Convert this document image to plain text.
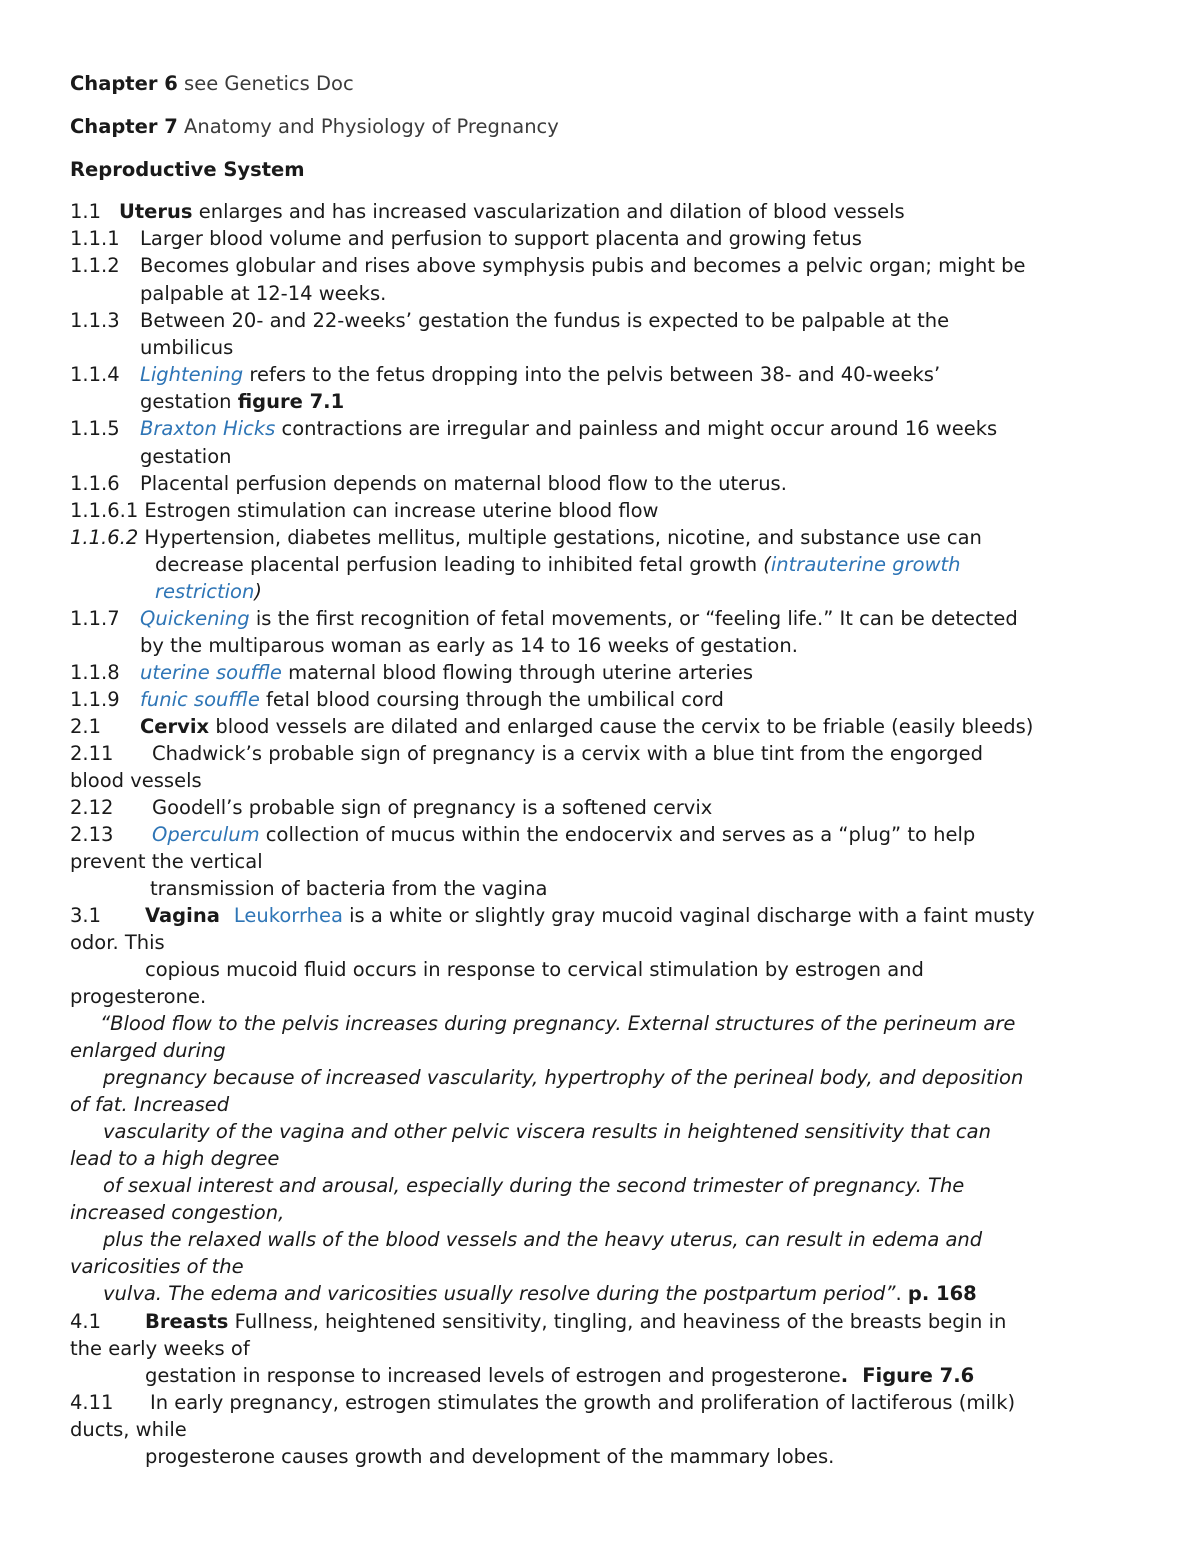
Chapter 6 see Genetics Doc
Chapter 7 Anatomy and Physiology of Pregnancy
Reproductive System
1.1 Uterus enlarges and has increased vascularization and dilation of blood vessels
1.1.1 Larger blood volume and perfusion to support placenta and growing fetus
1.1.2 Becomes globular and rises above symphysis pubis and becomes a pelvic organ; might be
palpable at 12-14 weeks.
1.1.3 Between 20- and 22-weeks’ gestation the fundus is expected to be palpable at the
umbilicus
1.1.4 Lightening refers to the fetus dropping into the pelvis between 38- and 40-weeks’
gestation figure 7.1
1.1.5 Braxton Hicks contractions are irregular and painless and might occur around 16 weeks
gestation
1.1.6 Placental perfusion depends on maternal blood flow to the uterus.
1.1.6.1 Estrogen stimulation can increase uterine blood flow
1.1.6.2 Hypertension, diabetes mellitus, multiple gestations, nicotine, and substance use can
decrease placental perfusion leading to inhibited fetal growth (intrauterine growth
restriction)
1.1.7 Quickening is the first recognition of fetal movements, or “feeling life.” It can be detected
by the multiparous woman as early as 14 to 16 weeks of gestation.
1.1.8 uterine souffle maternal blood flowing through uterine arteries
1.1.9 funic souffle fetal blood coursing through the umbilical cord
2.1 Cervix blood vessels are dilated and enlarged cause the cervix to be friable (easily bleeds)
2.11 Chadwick’s probable sign of pregnancy is a cervix with a blue tint from the engorged
blood vessels
2.12 Goodell’s probable sign of pregnancy is a softened cervix
2.13 Operculum collection of mucus within the endocervix and serves as a “plug” to help
prevent the vertical
transmission of bacteria from the vagina
3.1 Vagina Leukorrhea is a white or slightly gray mucoid vaginal discharge with a faint musty
odor. This
copious mucoid fluid occurs in response to cervical stimulation by estrogen and
progesterone.
“Blood flow to the pelvis increases during pregnancy. External structures of the perineum are
enlarged during
pregnancy because of increased vascularity, hypertrophy of the perineal body, and deposition
of fat. Increased
vascularity of the vagina and other pelvic viscera results in heightened sensitivity that can
lead to a high degree
of sexual interest and arousal, especially during the second trimester of pregnancy. The
increased congestion,
plus the relaxed walls of the blood vessels and the heavy uterus, can result in edema and
varicosities of the
vulva. The edema and varicosities usually resolve during the postpartum period”. p. 168
4.1 Breasts Fullness, heightened sensitivity, tingling, and heaviness of the breasts begin in
the early weeks of
gestation in response to increased levels of estrogen and progesterone. Figure 7.6
4.11 In early pregnancy, estrogen stimulates the growth and proliferation of lactiferous (milk)
ducts, while
progesterone causes growth and development of the mammary lobes.
